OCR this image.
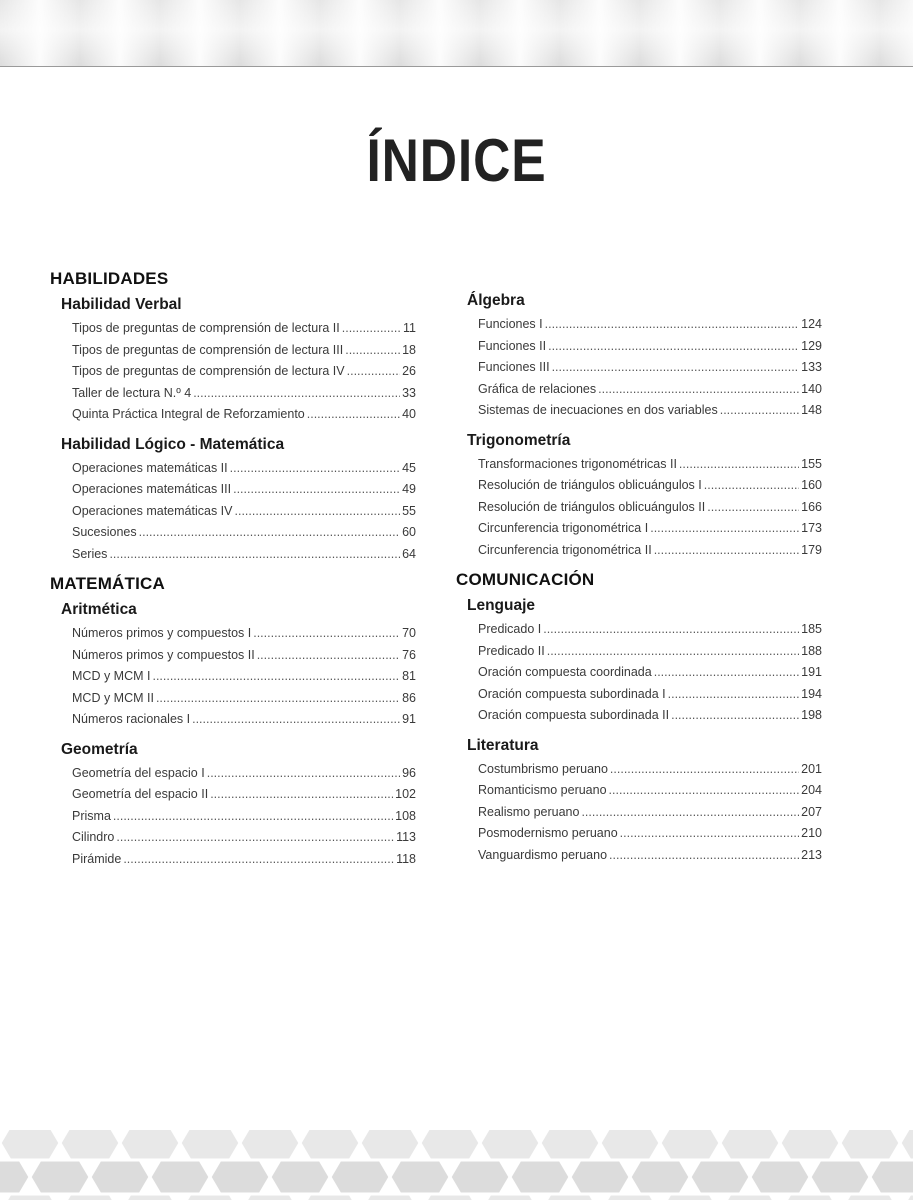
ÍNDICE
HABILIDADES
Habilidad Verbal
Tipos de preguntas de comprensión de lectura II .....	11
Tipos de preguntas de comprensión de lectura III .....	18
Tipos de preguntas de comprensión de lectura IV .....	26
Taller de lectura N.º 4 .....	33
Quinta Práctica Integral de Reforzamiento .....	40
Habilidad Lógico - Matemática
Operaciones matemáticas II .....	45
Operaciones matemáticas III .....	49
Operaciones matemáticas IV .....	55
Sucesiones .....	60
Series .....	64
MATEMÁTICA
Aritmética
Números primos y compuestos I .....	70
Números primos y compuestos II .....	76
MCD y MCM I .....	81
MCD y MCM II .....	86
Números racionales I .....	91
Geometría
Geometría del espacio I .....	96
Geometría del espacio II .....	102
Prisma .....	108
Cilindro .....	113
Pirámide .....	118
Álgebra
Funciones I .....	124
Funciones II .....	129
Funciones III .....	133
Gráfica de relaciones .....	140
Sistemas de inecuaciones en dos variables .....	148
Trigonometría
Transformaciones trigonométricas II .....	155
Resolución de triángulos oblicuángulos I .....	160
Resolución de triángulos oblicuángulos II .....	166
Circunferencia trigonométrica I .....	173
Circunferencia trigonométrica II .....	179
COMUNICACIÓN
Lenguaje
Predicado I .....	185
Predicado II .....	188
Oración compuesta coordinada .....	191
Oración compuesta subordinada I .....	194
Oración compuesta subordinada II .....	198
Literatura
Costumbrismo peruano .....	201
Romanticismo peruano .....	204
Realismo peruano .....	207
Posmodernismo peruano .....	210
Vanguardismo peruano .....	213
